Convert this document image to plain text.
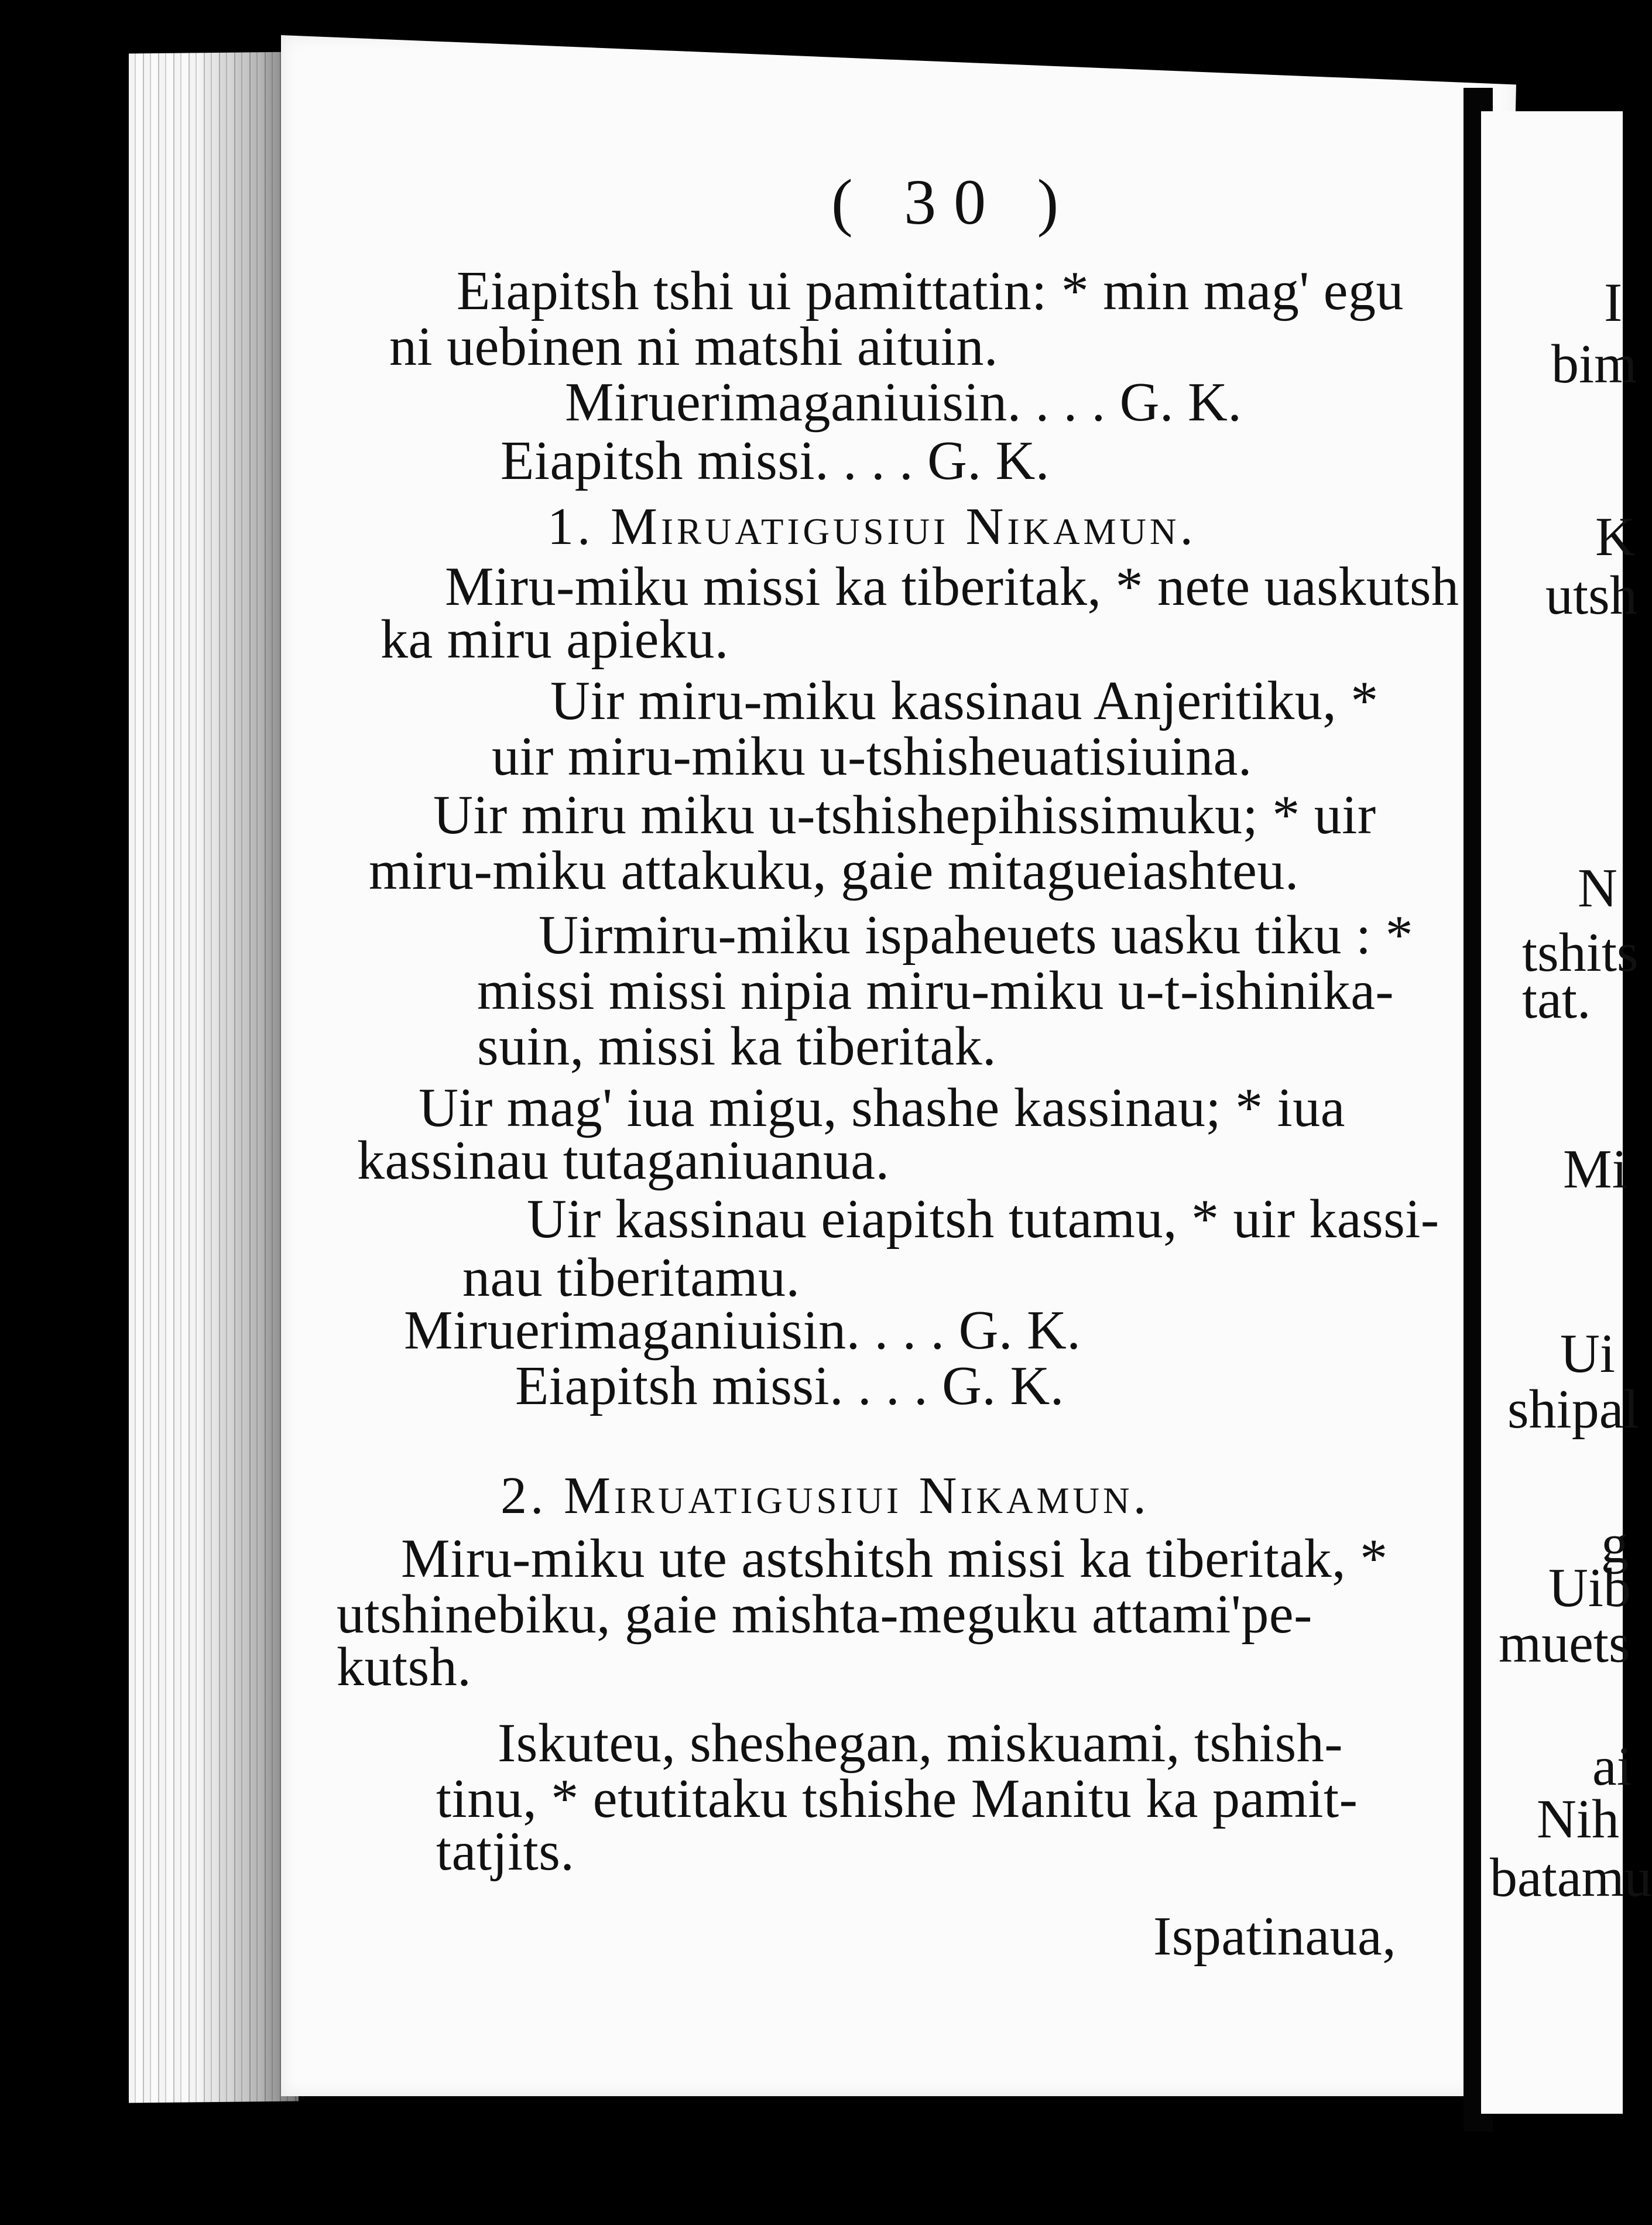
( 30 )
Eiapitsh tshi ui pamittatin: * min mag' egu
ni uebinen ni matshi aituin.
Miruerimaganiuisin. . . . G. K.
Eiapitsh missi. . . . G. K.
1. Miruatigusiui Nikamun.
Miru-miku missi ka tiberitak, * nete uaskutsh
ka miru apieku.
Uir miru-miku kassinau Anjeritiku, *
uir miru-miku u-tshisheuatisiuina.
Uir miru miku u-tshishepihissimuku; * uir
miru-miku attakuku, gaie mitagueiashteu.
Uirmiru-miku ispaheuets uasku tiku : *
missi missi nipia miru-miku u-t-ishinika-
suin, missi ka tiberitak.
Uir mag' iua migu, shashe kassinau; * iua
kassinau tutaganiuanua.
Uir kassinau eiapitsh tutamu, * uir kassi-
nau tiberitamu.
Miruerimaganiuisin. . . . G. K.
Eiapitsh missi. . . . G. K.
2. Miruatigusiui Nikamun.
Miru-miku ute astshitsh missi ka tiberitak, *
utshinebiku, gaie mishta-meguku attami'pe-
kutsh.
Iskuteu, sheshegan, miskuami, tshish-
tinu, * etutitaku tshishe Manitu ka pamit-
tatjits.
Ispatinaua,
I
bim
K
utsh
N
tshits
tat.
Mi
Ui
shipal
g
Uib
muets
ai
Nih
batamu
